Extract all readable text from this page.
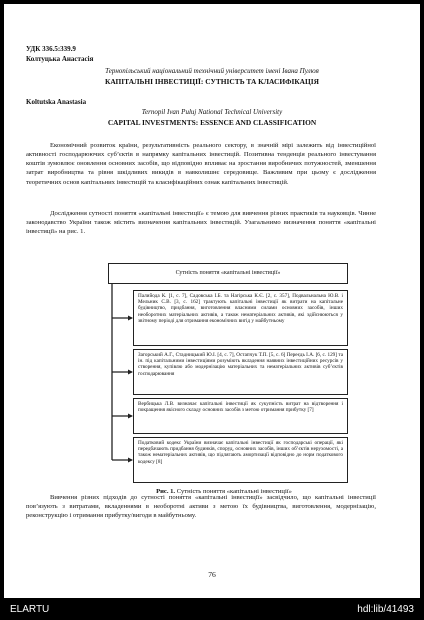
УДК 336.5:339.9

Колтуцька Анастасія

Тернопільський національний технічний університет імені Івана Пулюя

КАПІТАЛЬНІ ІНВЕСТИЦІЇ: СУТНІСТЬ ТА КЛАСИФІКАЦІЯ

Koltutska Anastasia

Ternopil Ivan Puluj National Technical University

CAPITAL INVESTMENTS: ESSENCE AND CLASSIFICATION

Економічний розвиток країни, результативність реального сектору, в значній мірі залежить від інвестиційної активності господарюючих суб’єктів в напрямку капітальних інвестицій. Позитивна тенденція реального інвестування коштів зумовлює оновлення основних засобів, що відповідно впливає на зростання виробничих потужностей, зменшення затрат виробництва та рівня шкідливих викидів в навколишнє середовище. Важливим при цьому є дослідження теоретичних основ капітальних інвестицій та класифікаційних ознак капітальних інвестицій.

Дослідження сутності поняття «капітальні інвестиції» є темою для вивчення різних практиків та науковців. Чинне законодавство України також містить визначення капітальних інвестицій. Узагальнимо визначення поняття «капітальні інвестиції» на рис. 1.

Сутність поняття «капітальні інвестиції»
Палийода К. [1, с. 7], Садовська І.Б. та Нагірська К.Є. [2, с. 357], Подвальнальна Ю.В. і Мельник С.В. [3, с. 162] трактують капітальні інвестиції як витрати на капітальне будівництво, придбання, виготовлення власними силами основних засобів, інших необоротних матеріальних активів, а також нематеріальних активів, які здійснюються у звітному періоді для отримання економічних вигід у майбутньому
Загорський А.Г., Стадницький Ю.І. [4, с. 7], Остапчук Т.П. [5, с. 6] Переєдь І.А. [6, с. 129] та ін. під капітальними інвестиціями розуміють вкладення наявних інвестиційних ресурсів у створення, купівлю або модернізацію матеріальних та нематеріальних активів суб’єктів господарювання
Вербицька Л.В. визначає капітальні інвестиції як сукупність витрат на відтворення і покращення якісного складу основних засобів з метою отримання прибутку [7]
Податковий кодекс України визначає капітальні інвестиції як господарські операції, які передбачають придбання будинків, споруд, основних засобів, інших об’єктів нерухомості, а також нематеріальних активів, що підлягають амортизації відповідно до норм податкового кодексу [8]
Рис. 1. Сутність поняття «капітальні інвестиції»

Вивчення різних підходів до сутності поняття «капітальні інвестиції» засвідчило, що капітальні інвестиції пов’язують з витратами, вкладеннями в необоротні активи з метою їх будівництва, виготовлення, модернізацію, реконструкцію і отримання прибутку/вигоди в майбутньому.

76
ELARTU	hdl:lib/41493
